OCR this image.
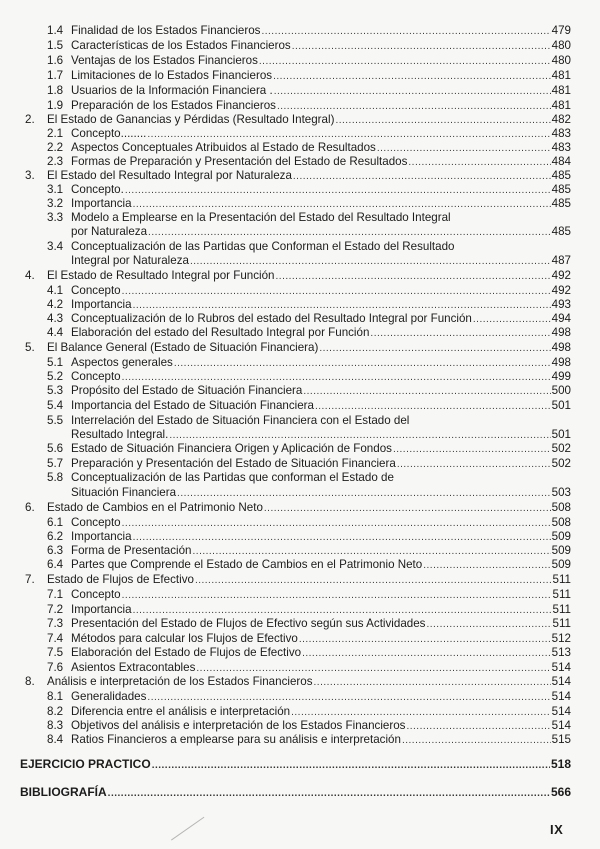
1.4 Finalidad de los Estados Financieros .....	479
1.5 Características de los Estados Financieros .....	480
1.6 Ventajas de los Estados Financieros .....	480
1.7 Limitaciones de lo Estados Financieros .....	481
1.8 Usuarios de la Información Financiera . .....	481
1.9 Preparación de los Estados Financieros .....	481
2.	El Estado de Ganancias y Pérdidas (Resultado Integral) .....	482
2.1 Concepto........ .....	483
2.2 Aspectos Conceptuales Atribuidos al Estado de Resultados .....	483
2.3 Formas de Preparación y Presentación del Estado de Resultados .....	484
3.	El Estado del Resultado Integral por Naturaleza .....	485
3.1 Concepto. .....	485
3.2 Importancia .....	485
3.3 Modelo a Emplearse en la Presentación del Estado del Resultado Integral
por Naturaleza .....	485
3.4 Conceptualización de las Partidas que Conforman el Estado del Resultado
Integral por Naturaleza .....	487
4.	El Estado de Resultado Integral por Función .....	492
4.1 Concepto .....	492
4.2 Importancia .....	493
4.3 Conceptualización de lo Rubros del estado del Resultado Integral por Función .....	494
4.4 Elaboración del estado del Resultado Integral por Función .....	498
5.	El Balance General (Estado de Situación Financiera) .....	498
5.1 Aspectos generales .....	498
5.2 Concepto .....	499
5.3 Propósito del Estado de Situación Financiera .....	500
5.4 Importancia del Estado de Situación Financiera .....	501
5.5 Interrelación del Estado de Situación Financiera con el Estado del
Resultado Integral. .....	501
5.6 Estado de Situación Financiera Origen y Aplicación de Fondos .....	502
5.7 Preparación y Presentación del Estado de Situación Financiera .....	502
5.8 Conceptualización de las Partidas que conforman el Estado de
Situación Financiera .....	503
6.	Estado de Cambios en el Patrimonio Neto .....	508
6.1 Concepto .....	508
6.2 Importancia .....	509
6.3 Forma de Presentación .....	509
6.4 Partes que Comprende el Estado de Cambios en el Patrimonio Neto .....	509
7.	Estado de Flujos de Efectivo .....	511
7.1 Concepto .....	511
7.2 Importancia .....	511
7.3 Presentación del Estado de Flujos de Efectivo según sus Actividades .....	511
7.4 Métodos para calcular los Flujos de Efectivo .....	512
7.5 Elaboración del Estado de Flujos de Efectivo .....	513
7.6 Asientos Extracontables .....	514
8.	Análisis e interpretación de los Estados Financieros .....	514
8.1 Generalidades .....	514
8.2 Diferencia entre el análisis e interpretación .....	514
8.3 Objetivos del análisis e interpretación de los Estados Financieros .....	514
8.4 Ratios Financieros a emplearse para su análisis e interpretación .....	515
EJERCICIO PRACTICO .....	518
BIBLIOGRAFÍA .....	566
IX
